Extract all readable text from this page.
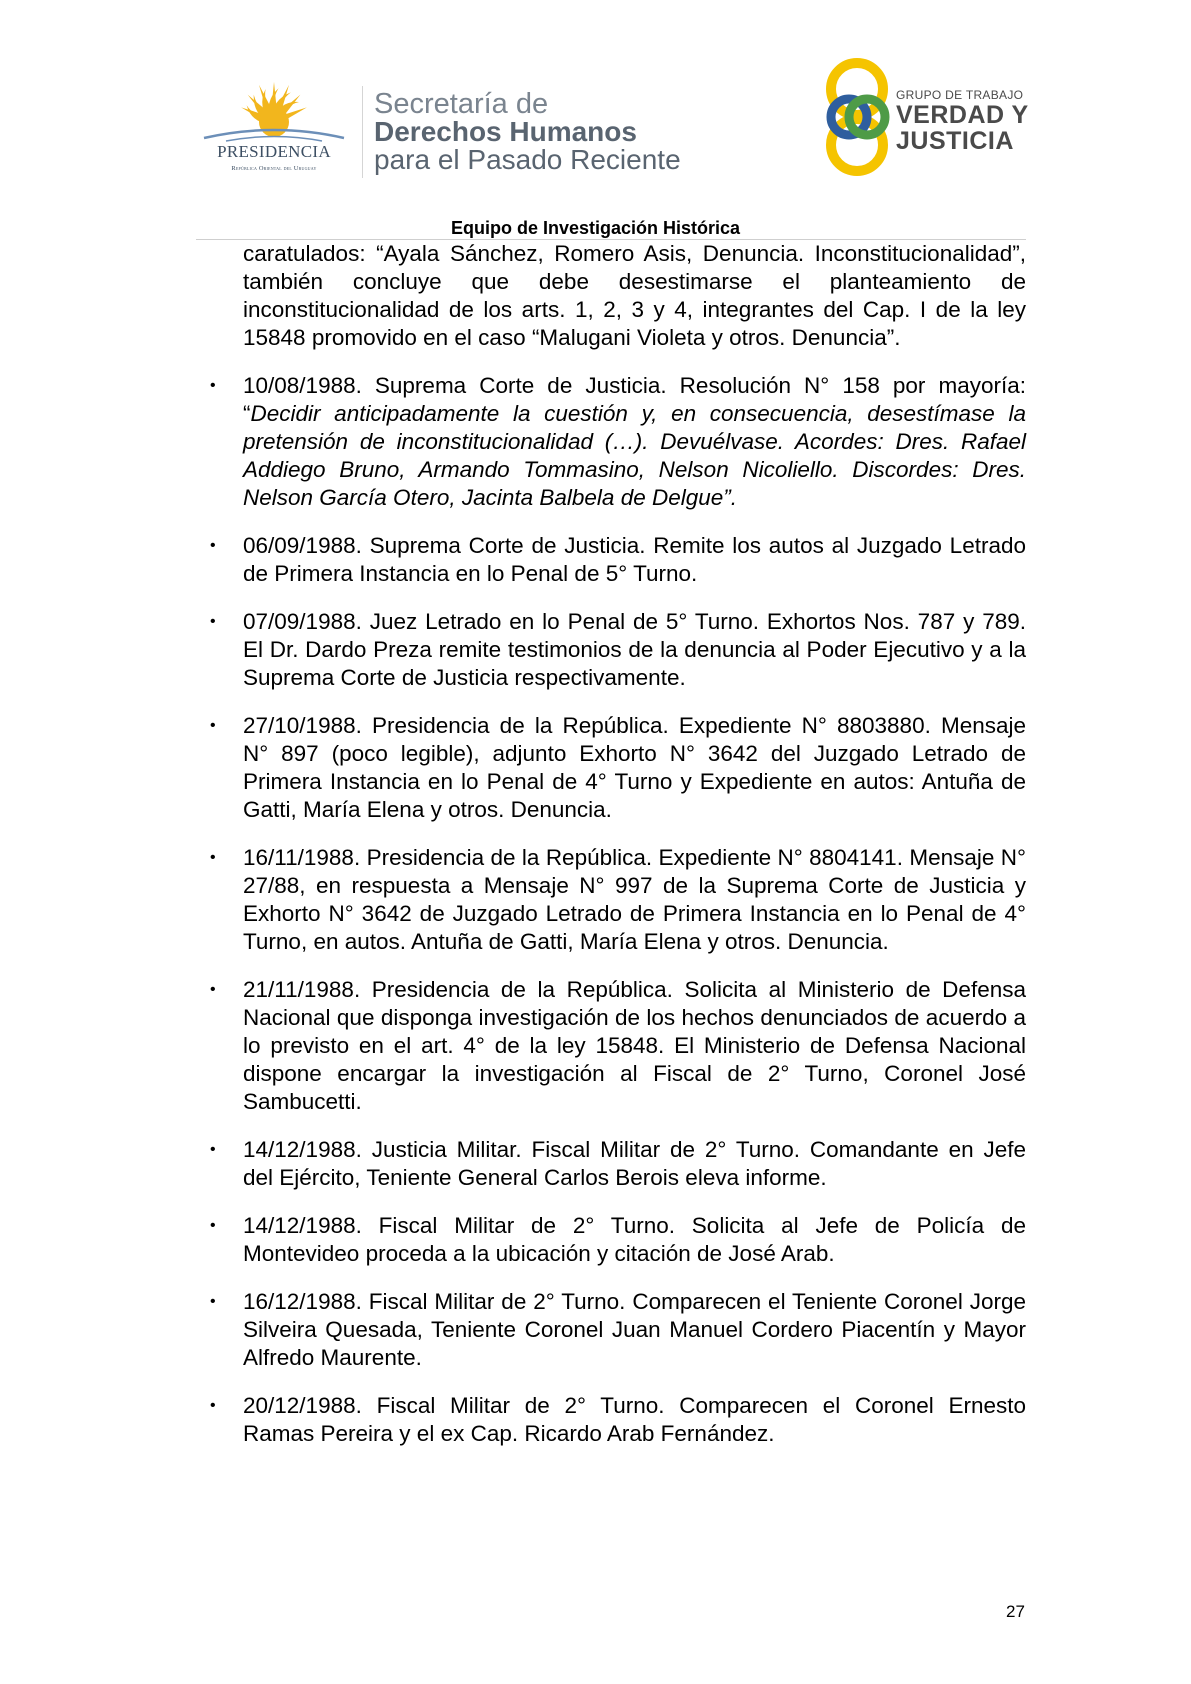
PRESIDENCIA
República Oriental del Uruguay
Secretaría de
Derechos Humanos
para el Pasado Reciente
GRUPO DE TRABAJO
VERDAD Y
JUSTICIA
Equipo de Investigación Histórica

caratulados: “Ayala Sánchez, Romero Asis, Denuncia. Inconstitucionalidad”, también concluye que debe desestimarse el planteamiento de inconstitucionalidad de los arts. 1, 2, 3 y 4, integrantes del Cap. I de la ley 15848 promovido en el caso “Malugani Violeta y otros. Denuncia”.

• 10/08/1988. Suprema Corte de Justicia. Resolución N° 158 por mayoría: “Decidir anticipadamente la cuestión y, en consecuencia, desestímase la pretensión de inconstitucionalidad (…). Devuélvase. Acordes: Dres. Rafael Addiego Bruno, Armando Tommasino, Nelson Nicoliello. Discordes: Dres. Nelson García Otero, Jacinta Balbela de Delgue”.
• 06/09/1988. Suprema Corte de Justicia. Remite los autos al Juzgado Letrado de Primera Instancia en lo Penal de 5° Turno.
• 07/09/1988. Juez Letrado en lo Penal de 5° Turno. Exhortos Nos. 787 y 789. El Dr. Dardo Preza remite testimonios de la denuncia al Poder Ejecutivo y a la Suprema Corte de Justicia respectivamente.
• 27/10/1988. Presidencia de la República. Expediente N° 8803880. Mensaje N° 897 (poco legible), adjunto Exhorto N° 3642 del Juzgado Letrado de Primera Instancia en lo Penal de 4° Turno y Expediente en autos: Antuña de Gatti, María Elena y otros. Denuncia.
• 16/11/1988. Presidencia de la República. Expediente N° 8804141. Mensaje N° 27/88, en respuesta a Mensaje N° 997 de la Suprema Corte de Justicia y Exhorto N° 3642 de Juzgado Letrado de Primera Instancia en lo Penal de 4° Turno, en autos. Antuña de Gatti, María Elena y otros. Denuncia.
• 21/11/1988. Presidencia de la República. Solicita al Ministerio de Defensa Nacional que disponga investigación de los hechos denunciados de acuerdo a lo previsto en el art. 4° de la ley 15848. El Ministerio de Defensa Nacional dispone encargar la investigación al Fiscal de 2° Turno, Coronel José Sambucetti.
• 14/12/1988. Justicia Militar. Fiscal Militar de 2° Turno. Comandante en Jefe del Ejército, Teniente General Carlos Berois eleva informe.
• 14/12/1988. Fiscal Militar de 2° Turno. Solicita al Jefe de Policía de Montevideo proceda a la ubicación y citación de José Arab.
• 16/12/1988. Fiscal Militar de 2° Turno. Comparecen el Teniente Coronel Jorge Silveira Quesada, Teniente Coronel Juan Manuel Cordero Piacentín y Mayor Alfredo Maurente.
• 20/12/1988. Fiscal Militar de 2° Turno. Comparecen el Coronel Ernesto Ramas Pereira y el ex Cap. Ricardo Arab Fernández.
27
